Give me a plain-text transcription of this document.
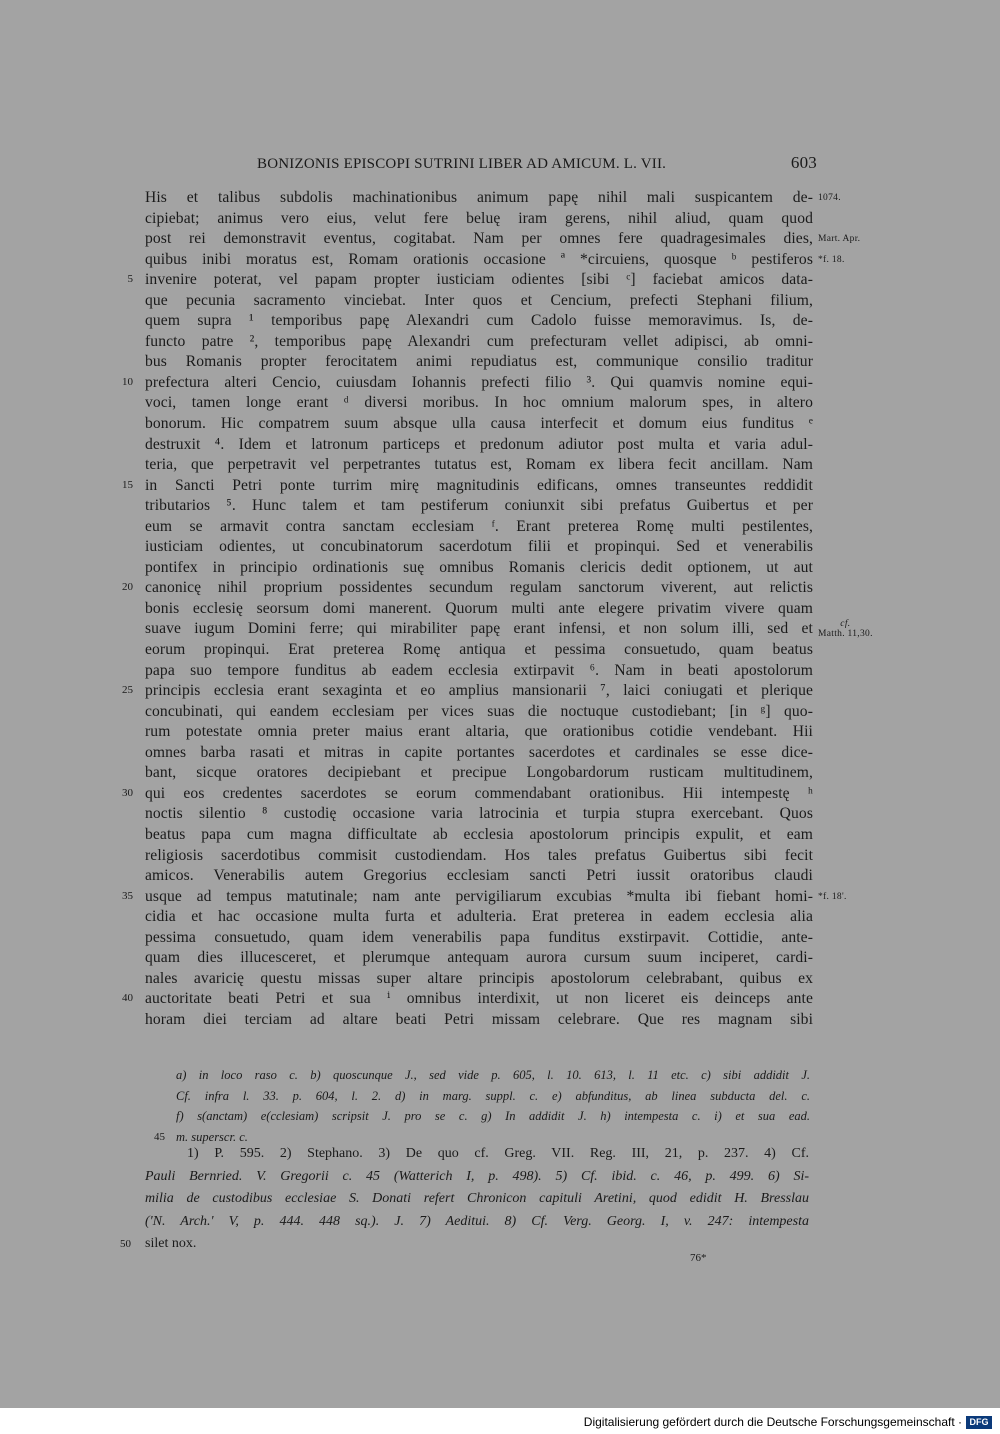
BONIZONIS EPISCOPI SUTRINI LIBER AD AMICUM. L. VII.	603
His et talibus subdolis machinationibus animum papę nihil mali suspicantem de-
cipiebat; animus vero eius, velut fere beluę iram gerens, nihil aliud, quam quod
post rei demonstravit eventus, cogitabat. Nam per omnes fere quadragesimales dies,
quibus inibi moratus est, Romam orationis occasione ª *circuiens, quosque ᵇ pestiferos
invenire poterat, vel papam propter iusticiam odientes [sibi ᶜ] faciebat amicos data-
que pecunia sacramento vinciebat. Inter quos et Cencium, prefecti Stephani filium,
quem supra ¹ temporibus papę Alexandri cum Cadolo fuisse memoravimus. Is, de-
functo patre ², temporibus papę Alexandri cum prefecturam vellet adipisci, ab omni-
bus Romanis propter ferocitatem animi repudiatus est, communique consilio traditur
prefectura alteri Cencio, cuiusdam Iohannis prefecti filio ³. Qui quamvis nomine equi-
voci, tamen longe erant ᵈ diversi moribus. In hoc omnium malorum spes, in altero
bonorum. Hic compatrem suum absque ulla causa interfecit et domum eius funditus ᵉ
destruxit ⁴. Idem et latronum particeps et predonum adiutor post multa et varia adul-
teria, que perpetravit vel perpetrantes tutatus est, Romam ex libera fecit ancillam. Nam
in Sancti Petri ponte turrim mirę magnitudinis edificans, omnes transeuntes reddidit
tributarios ⁵. Hunc talem et tam pestiferum coniunxit sibi prefatus Guibertus et per
eum se armavit contra sanctam ecclesiam ᶠ. Erant preterea Romę multi pestilentes,
iusticiam odientes, ut concubinatorum sacerdotum filii et propinqui. Sed et venerabilis
pontifex in principio ordinationis suę omnibus Romanis clericis dedit optionem, ut aut
canonicę nihil proprium possidentes secundum regulam sanctorum viverent, aut relictis
bonis ecclesię seorsum domi manerent. Quorum multi ante elegere privatim vivere quam
suave iugum Domini ferre; qui mirabiliter papę erant infensi, et non solum illi, sed et
eorum propinqui. Erat preterea Romę antiqua et pessima consuetudo, quam beatus
papa suo tempore funditus ab eadem ecclesia extirpavit ⁶. Nam in beati apostolorum
principis ecclesia erant sexaginta et eo amplius mansionarii ⁷, laici coniugati et plerique
concubinati, qui eandem ecclesiam per vices suas die noctuque custodiebant; [in ᵍ] quo-
rum potestate omnia preter maius erant altaria, que orationibus cotidie vendebant. Hii
omnes barba rasati et mitras in capite portantes sacerdotes et cardinales se esse dice-
bant, sicque oratores decipiebant et precipue Longobardorum rusticam multitudinem,
qui eos credentes sacerdotes se eorum commendabant orationibus. Hii intempestę ʰ
noctis silentio ⁸ custodię occasione varia latrocinia et turpia stupra exercebant. Quos
beatus papa cum magna difficultate ab ecclesia apostolorum principis expulit, et eam
religiosis sacerdotibus commisit custodiendam. Hos tales prefatus Guibertus sibi fecit
amicos. Venerabilis autem Gregorius ecclesiam sancti Petri iussit oratoribus claudi
usque ad tempus matutinale; nam ante pervigiliarum excubias *multa ibi fiebant homi-
cidia et hac occasione multa furta et adulteria. Erat preterea in eadem ecclesia alia
pessima consuetudo, quam idem venerabilis papa funditus exstirpavit. Cottidie, ante-
quam dies illucesceret, et plerumque antequam aurora cursum suum inciperet, cardi-
nales avaricię questu missas super altare principis apostolorum celebrabant, quibus ex
auctoritate beati Petri et sua ⁱ omnibus interdixit, ut non liceret eis deinceps ante
horam diei terciam ad altare beati Petri missam celebrare. Que res magnam sibi
5
10
15
20
25
30
35
40
1074.
Mart. Apr.
*f. 18.
*f. 18'.
cf.
Matth. 11,30.
a) in loco raso c. b) quoscunque J., sed vide p. 605, l. 10. 613, l. 11 etc. c) sibi addidit J.
Cf. infra l. 33. p. 604, l. 2. d) in marg. suppl. c. e) abfunditus, ab linea subducta del. c.
f) s(anctam) e(cclesiam) scripsit J. pro se c. g) In addidit J. h) intempesta c. i) et sua ead.
m. superscr. c.
45
1) P. 595. 2) Stephano. 3) De quo cf. Greg. VII. Reg. III, 21, p. 237. 4) Cf.
Pauli Bernried. V. Gregorii c. 45 (Watterich I, p. 498). 5) Cf. ibid. c. 46, p. 499. 6) Si-
milia de custodibus ecclesiae S. Donati refert Chronicon capituli Aretini, quod edidit H. Bresslau
('N. Arch.' V, p. 444. 448 sq.). J. 7) Aeditui. 8) Cf. Verg. Georg. I, v. 247: intempesta
silet nox.
50
76*
Digitalisierung gefördert durch die Deutsche Forschungsgemeinschaft · DFG
